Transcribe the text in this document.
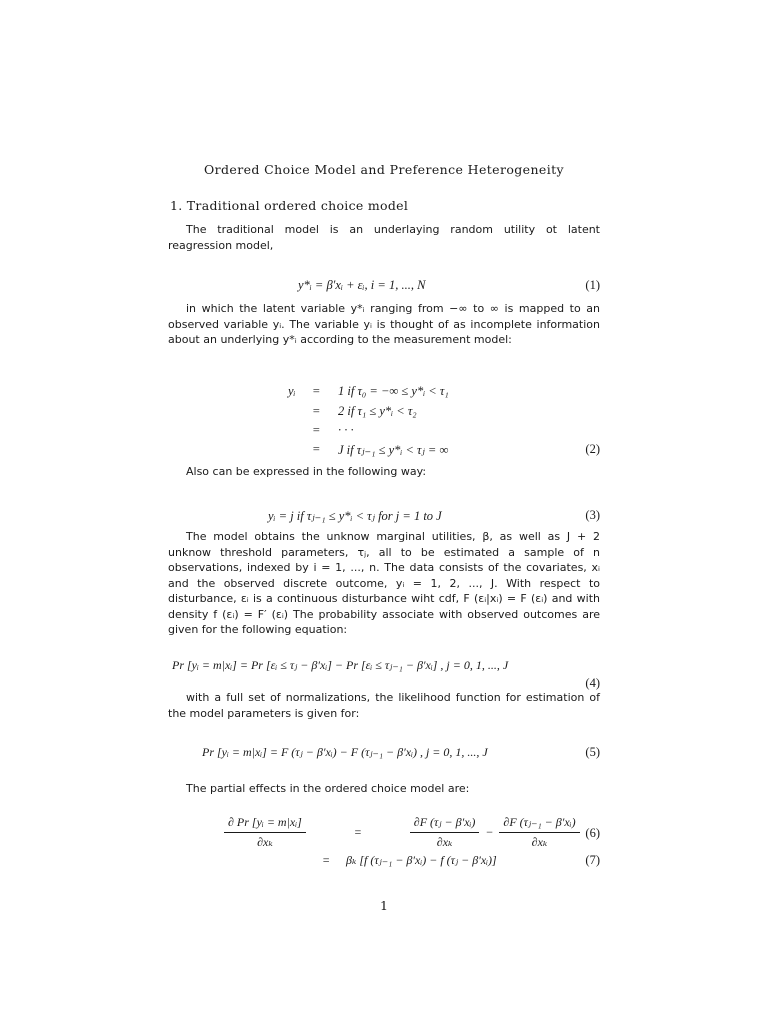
Ordered Choice Model and Preference Heterogeneity
1. Traditional ordered choice model
The traditional model is an underlaying random utility ot latent reagression model,
y*ᵢ = β′xᵢ + εᵢ, i = 1, ..., N	(1)
in which the latent variable y*ᵢ ranging from −∞ to ∞ is mapped to an observed variable yᵢ. The variable yᵢ is thought of as incomplete information about an underlying y*ᵢ according to the measurement model:
yᵢ = 1 if τ₀ = −∞ ≤ y*ᵢ < τ₁
= 2 if τ₁ ≤ y*ᵢ < τ₂
= · · ·
= J if τⱼ₋₁ ≤ y*ᵢ < τⱼ = ∞	(2)
Also can be expressed in the following way:
yᵢ = j if τⱼ₋₁ ≤ y*ᵢ < τⱼ for j = 1 to J	(3)
The model obtains the unknow marginal utilities, β, as well as J + 2 unknow threshold parameters, τⱼ, all to be estimated a sample of n observations, indexed by i = 1, ..., n. The data consists of the covariates, xᵢ and the observed discrete outcome, yᵢ = 1, 2, ..., J. With respect to disturbance, εᵢ is a continuous disturbance wiht cdf, F (εᵢ|xᵢ) = F (εᵢ) and with density f (εᵢ) = F′ (εᵢ) The probability associate with observed outcomes are given for the following equation:
Pr [yᵢ = m|xᵢ] = Pr [εᵢ ≤ τⱼ − β′xᵢ] − Pr [εᵢ ≤ τⱼ₋₁ − β′xᵢ] , j = 0, 1, ..., J
(4)
with a full set of normalizations, the likelihood function for estimation of the model parameters is given for:
Pr [yᵢ = m|xᵢ] = F (τⱼ − β′xᵢ) − F (τⱼ₋₁ − β′xᵢ) , j = 0, 1, ..., J	(5)
The partial effects in the ordered choice model are:
$\frac{\text{∂ Pr [yᵢ = m|xᵢ]}}{\text{∂xₖ}}$	=	$\frac{\text{∂F (τⱼ − β′xᵢ)}}{\text{∂xₖ}} - \frac{\text{∂F (τⱼ₋₁ − β′xᵢ)}}{\text{∂xₖ}} (6)$
= βₖ [f (τⱼ₋₁ − β′xᵢ) − f (τⱼ − β′xᵢ)]	(7)
1
